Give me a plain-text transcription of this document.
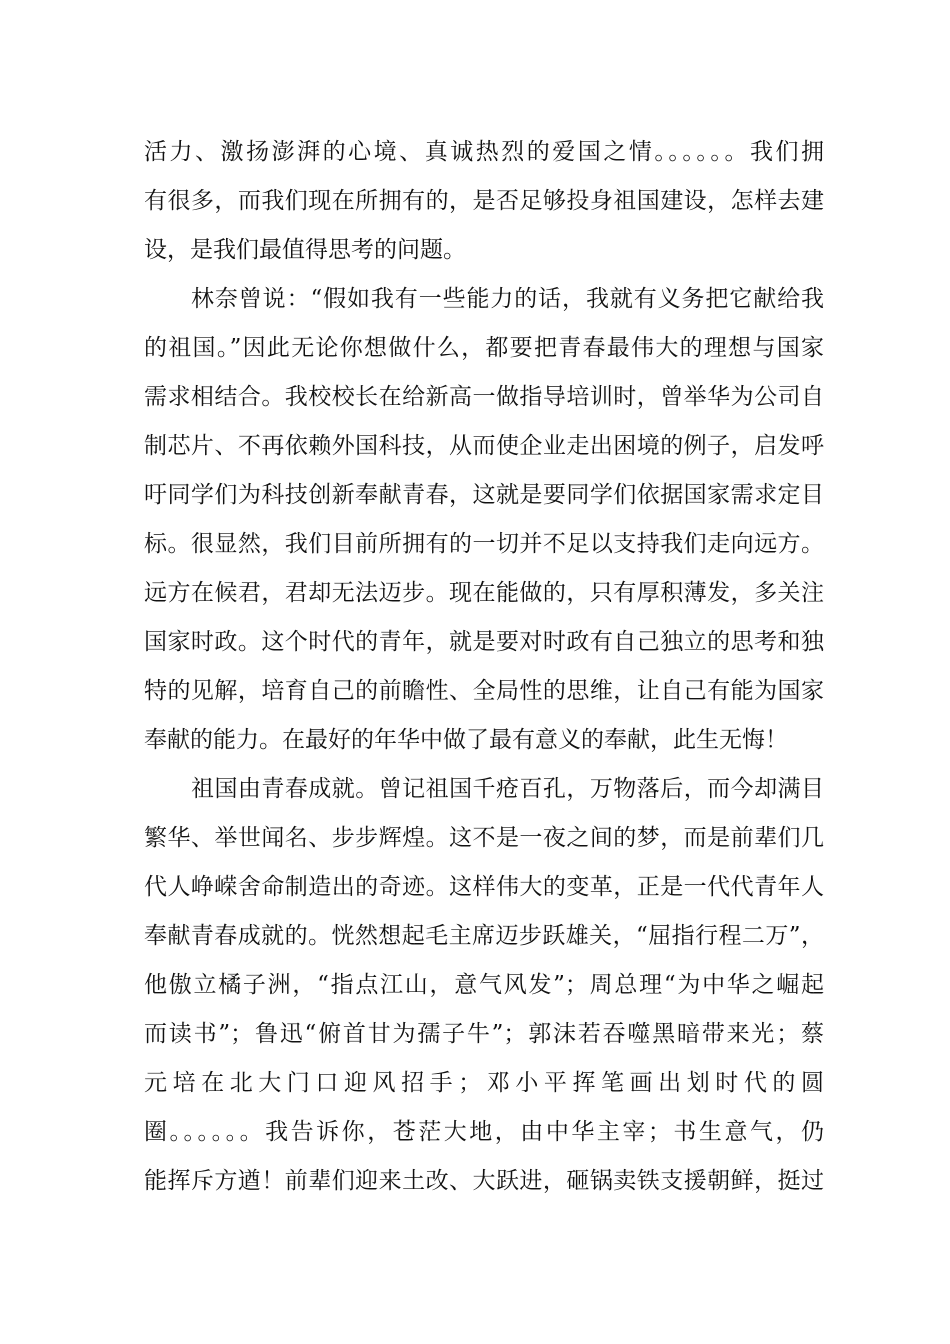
活力、激扬澎湃的心境、真诚热烈的爱国之情。。。。。。我们拥
有很多，而我们现在所拥有的，是否足够投身祖国建设，怎样去建
设，是我们最值得思考的问题。
林奈曾说：“假如我有一些能力的话，我就有义务把它献给我
的祖国。”因此无论你想做什么，都要把青春最伟大的理想与国家
需求相结合。我校校长在给新高一做指导培训时，曾举华为公司自
制芯片、不再依赖外国科技，从而使企业走出困境的例子，启发呼
吁同学们为科技创新奉献青春，这就是要同学们依据国家需求定目
标。很显然，我们目前所拥有的一切并不足以支持我们走向远方。
远方在候君，君却无法迈步。现在能做的，只有厚积薄发，多关注
国家时政。这个时代的青年，就是要对时政有自己独立的思考和独
特的见解，培育自己的前瞻性、全局性的思维，让自己有能为国家
奉献的能力。在最好的年华中做了最有意义的奉献，此生无悔！
祖国由青春成就。曾记祖国千疮百孔，万物落后，而今却满目
繁华、举世闻名、步步辉煌。这不是一夜之间的梦，而是前辈们几
代人峥嵘舍命制造出的奇迹。这样伟大的变革，正是一代代青年人
奉献青春成就的。恍然想起毛主席迈步跃雄关，“屈指行程二万”，
他傲立橘子洲，“指点江山，意气风发”；周总理“为中华之崛起
而读书”；鲁迅“俯首甘为孺子牛”；郭沫若吞噬黑暗带来光；蔡
元培在北大门口迎风招手；邓小平挥笔画出划时代的圆
圈。。。。。。我告诉你，苍茫大地，由中华主宰；书生意气，仍
能挥斥方遒！前辈们迎来土改、大跃进，砸锅卖铁支援朝鲜，挺过
